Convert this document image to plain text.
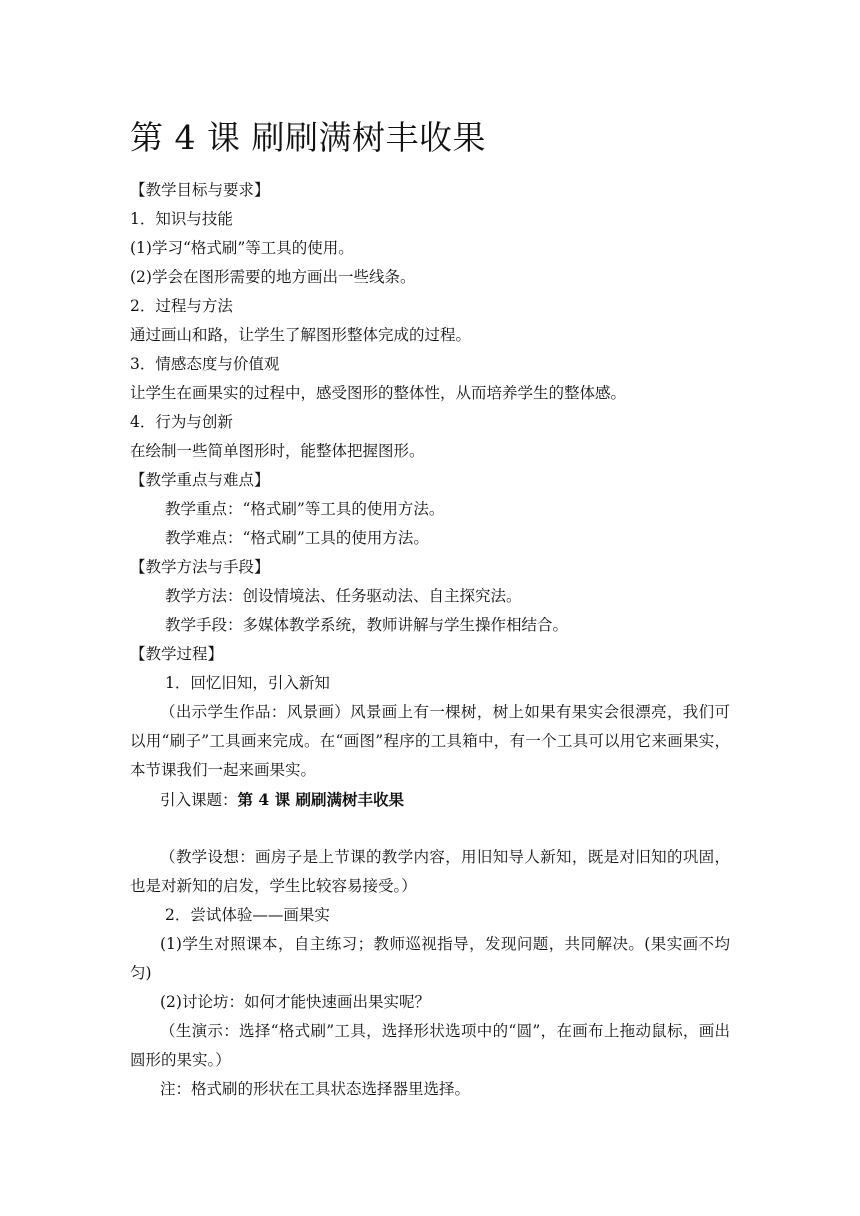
第 4 课 刷刷满树丰收果
【教学目标与要求】
1．知识与技能
(1)学习“格式刷”等工具的使用。
(2)学会在图形需要的地方画出一些线条。
2．过程与方法
通过画山和路，让学生了解图形整体完成的过程。
3．情感态度与价值观
让学生在画果实的过程中，感受图形的整体性，从而培养学生的整体感。
4．行为与创新
在绘制一些简单图形时，能整体把握图形。
【教学重点与难点】
教学重点：“格式刷”等工具的使用方法。
教学难点：“格式刷”工具的使用方法。
【教学方法与手段】
教学方法：创设情境法、任务驱动法、自主探究法。
教学手段：多媒体教学系统，教师讲解与学生操作相结合。
【教学过程】
1．回忆旧知，引入新知
（出示学生作品：风景画）风景画上有一棵树，树上如果有果实会很漂亮，我们可以用“刷子”工具画来完成。在“画图”程序的工具箱中，有一个工具可以用它来画果实，本节课我们一起来画果实。
引入课题：第 4 课 刷刷满树丰收果
（教学设想：画房子是上节课的教学内容，用旧知导人新知，既是对旧知的巩固，也是对新知的启发，学生比较容易接受。）
2．尝试体验——画果实
(1)学生对照课本，自主练习；教师巡视指导，发现问题，共同解决。(果实画不均匀)
(2)讨论坊：如何才能快速画出果实呢？
（生演示：选择“格式刷”工具，选择形状选项中的“圆”，在画布上拖动鼠标，画出圆形的果实。）
注：格式刷的形状在工具状态选择器里选择。
